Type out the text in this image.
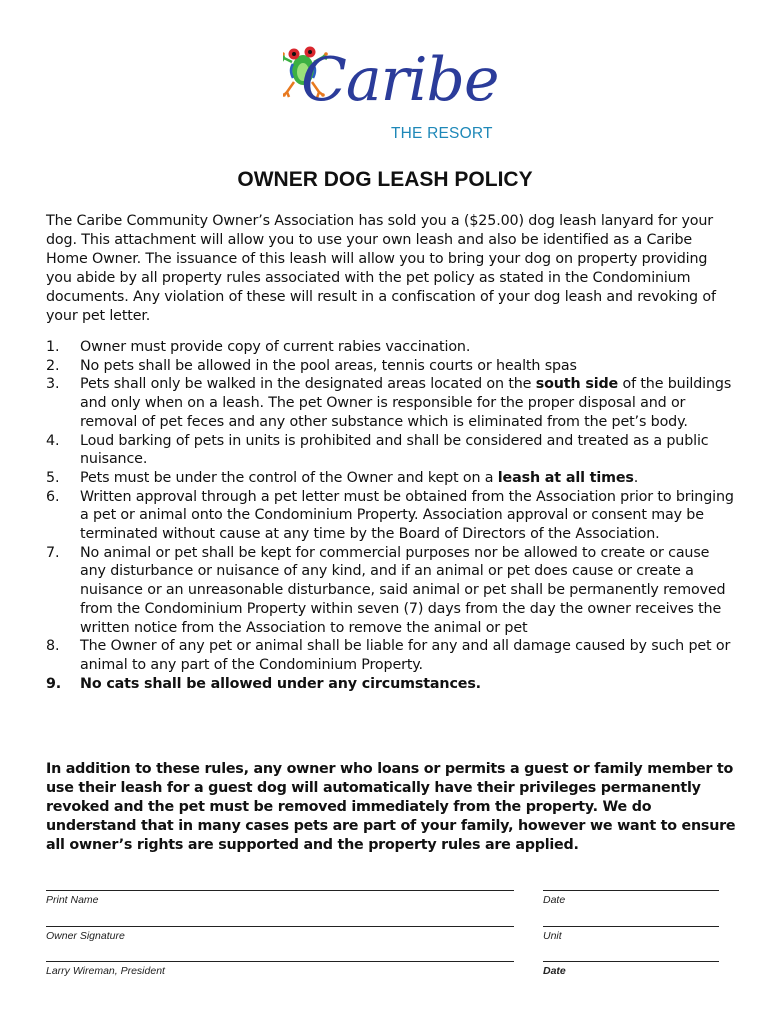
Caribe
THE RESORT
OWNER DOG LEASH POLICY
The Caribe Community Owner’s Association has sold you a ($25.00) dog leash lanyard for your dog. This attachment will allow you to use your own leash and also be identified as a Caribe Home Owner. The issuance of this leash will allow you to bring your dog on property providing you abide by all property rules associated with the pet policy as stated in the Condominium documents. Any violation of these will result in a confiscation of your dog leash and revoking of your pet letter.
1. Owner must provide copy of current rabies vaccination.
2. No pets shall be allowed in the pool areas, tennis courts or health spas
3. Pets shall only be walked in the designated areas located on the south side of the buildings and only when on a leash. The pet Owner is responsible for the proper disposal and or removal of pet feces and any other substance which is eliminated from the pet’s body.
4. Loud barking of pets in units is prohibited and shall be considered and treated as a public nuisance.
5. Pets must be under the control of the Owner and kept on a leash at all times.
6. Written approval through a pet letter must be obtained from the Association prior to bringing a pet or animal onto the Condominium Property. Association approval or consent may be terminated without cause at any time by the Board of Directors of the Association.
7. No animal or pet shall be kept for commercial purposes nor be allowed to create or cause any disturbance or nuisance of any kind, and if an animal or pet does cause or create a nuisance or an unreasonable disturbance, said animal or pet shall be permanently removed from the Condominium Property within seven (7) days from the day the owner receives the written notice from the Association to remove the animal or pet
8. The Owner of any pet or animal shall be liable for any and all damage caused by such pet or animal to any part of the Condominium Property.
9. No cats shall be allowed under any circumstances.
In addition to these rules, any owner who loans or permits a guest or family member to use their leash for a guest dog will automatically have their privileges permanently revoked and the pet must be removed immediately from the property. We do understand that in many cases pets are part of your family, however we want to ensure all owner’s rights are supported and the property rules are applied.
Print Name	Date
Owner Signature	Unit
Larry Wireman, President	Date
